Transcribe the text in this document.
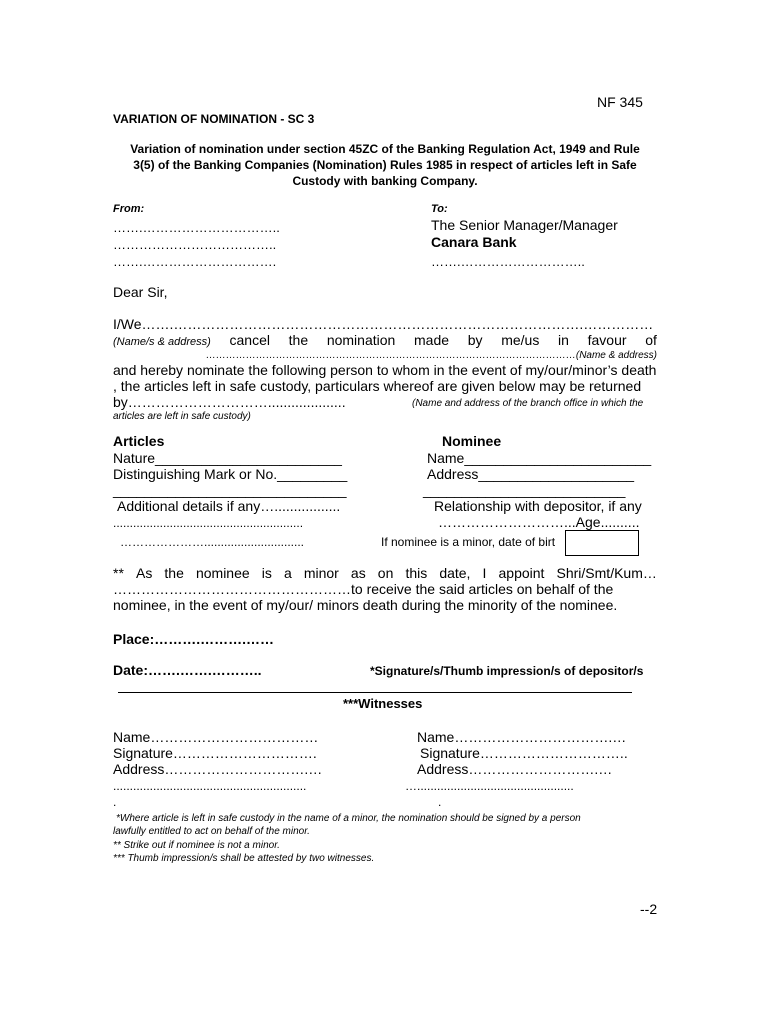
NF 345
VARIATION OF NOMINATION - SC 3
Variation of nomination under section 45ZC of the Banking Regulation Act, 1949 and Rule
3(5) of the Banking Companies (Nomination) Rules 1985 in respect of articles left in Safe
Custody with banking Company.
From:
…….…………………………..
………………………………..
…….………………………….
To:
The Senior Manager/Manager
Canara Bank
…….………………………..
Dear Sir,
I/We…….…………………………………………………………………………….……………
(Name/s & address) cancel the nomination made by me/us in favour of
…………………………………………………………………………………………………(Name & address)
and hereby nominate the following person to whom in the event of my/our/minor’s death
, the articles left in safe custody, particulars whereof are given below may be returned
by…………………………....................	(Name and address of the branch office in which the
articles are left in safe custody)
Articles
Nature________________________
Distinguishing Mark or No._________
______________________________
Additional details if any….................
.........................................................
…………………..............................
Nominee
Name________________________
Address____________________
__________________________
Relationship with depositor, if any
………………………...Age..........
If nominee is a minor, date of birt
** As the nominee is a minor as on this date, I appoint Shri/Smt/Kum…
……………………………………………to receive the said articles on behalf of the
nominee, in the event of my/our/ minors death during the minority of the nominee.
Place:……….……….……
Date:…….…….………..	*Signature/s/Thumb impression/s of depositor/s
***Witnesses
Name………………………………
Signature………………………….
Address………………………….…
..........................................................
.
Name…………………………….…
Signature…………………………..
Address……………………….…
…...............................................
.
*Where article is left in safe custody in the name of a minor, the nomination should be signed by a person
lawfully entitled to act on behalf of the minor.
** Strike out if nominee is not a minor.
*** Thumb impression/s shall be attested by two witnesses.
--2
